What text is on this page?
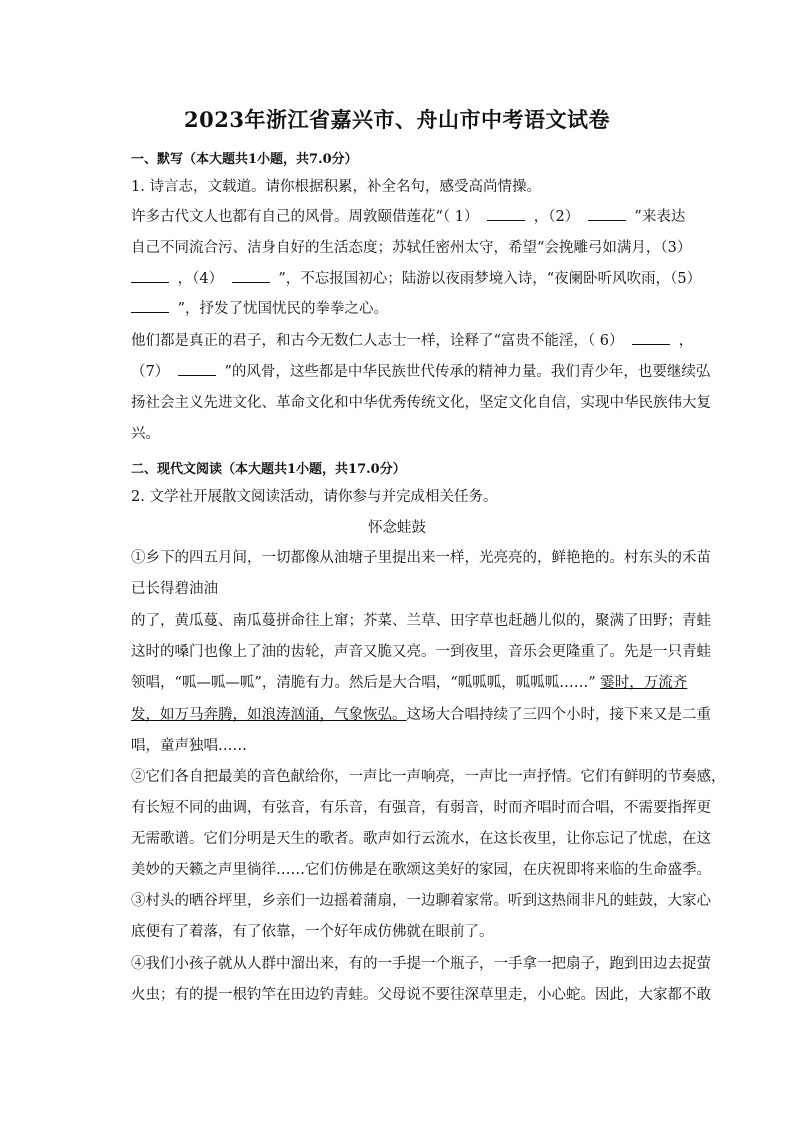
2023年浙江省嘉兴市、舟山市中考语文试卷
一、默写（本大题共1小题，共7.0分）
1. 诗言志，文载道。请你根据积累，补全名句，感受高尚情操。
许多古代文人也都有自己的风骨。周敦颐借莲花“（ 1）	，（2）	”来表达
自己不同流合污、洁身自好的生活态度；苏轼任密州太守，希望“会挽雕弓如满月，（3）
，（4）	”，不忘报国初心；陆游以夜雨梦境入诗，“夜阑卧听风吹雨，（5）
”，抒发了忧国忧民的拳拳之心。
他们都是真正的君子，和古今无数仁人志士一样，诠释了“富贵不能淫，（ 6）	，
（7）	”的风骨，这些都是中华民族世代传承的精神力量。我们青少年，也要继续弘
扬社会主义先进文化、革命文化和中华优秀传统文化，坚定文化自信，实现中华民族伟大复
兴。
二、现代文阅读（本大题共1小题，共17.0分）
2. 文学社开展散文阅读活动，请你参与并完成相关任务。
怀念蛙鼓
①乡下的四五月间，一切都像从油塘子里提出来一样，光亮亮的，鲜艳艳的。村东头的禾苗
已长得碧油油
的了，黄瓜蔓、南瓜蔓拼命往上窜；芥菜、兰草、田字草也赶趟儿似的，聚满了田野；青蛙
这时的嗓门也像上了油的齿轮，声音又脆又亮。一到夜里，音乐会更隆重了。先是一只青蛙
领唱，“呱—呱—呱”，清脆有力。然后是大合唱，“呱呱呱，呱呱呱……” 霎时，万流齐
发，如万马奔腾，如浪涛汹涌，气象恢弘。这场大合唱持续了三四个小时，接下来又是二重
唱，童声独唱……
②它们各自把最美的音色献给你，一声比一声响亮，一声比一声抒情。它们有鲜明的节奏感，
有长短不同的曲调，有弦音，有乐音，有强音，有弱音，时而齐唱时而合唱，不需要指挥更
无需歌谱。它们分明是天生的歌者。歌声如行云流水，在这长夜里，让你忘记了忧虑，在这
美妙的天籁之声里徜徉……它们仿佛是在歌颂这美好的家园，在庆祝即将来临的生命盛季。
③村头的晒谷坪里，乡亲们一边摇着蒲扇，一边聊着家常。听到这热闹非凡的蛙鼓，大家心
底便有了着落，有了依靠，一个好年成仿佛就在眼前了。
④我们小孩子就从人群中溜出来，有的一手提一个瓶子，一手拿一把扇子，跑到田边去捉萤
火虫；有的提一根钓竿在田边钓青蛙。父母说不要往深草里走，小心蛇。因此，大家都不敢
